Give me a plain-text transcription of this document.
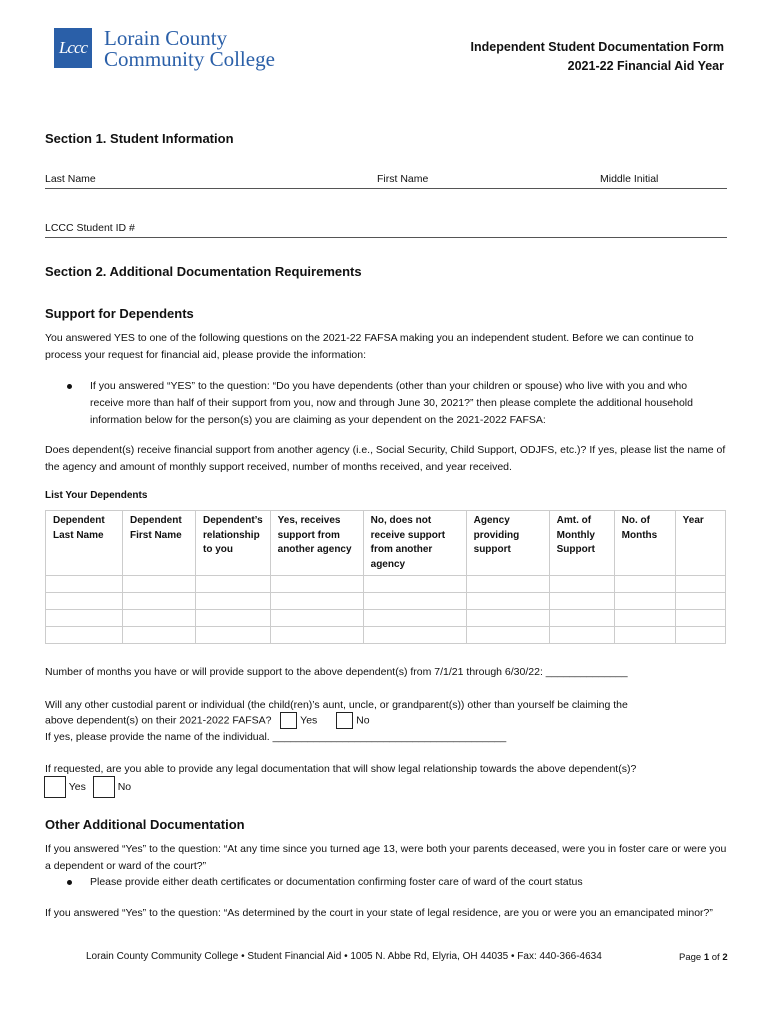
Lccc Lorain County
Community College	Independent Student Documentation Form
2021-22 Financial Aid Year
Section 1. Student Information
Last Name	First Name	Middle Initial
LCCC Student ID #
Section 2. Additional Documentation Requirements
Support for Dependents
You answered YES to one of the following questions on the 2021-22 FAFSA making you an independent student. Before we can continue to process your request for financial aid, please provide the information:
If you answered “YES” to the question: “Do you have dependents (other than your children or spouse) who live with you and who receive more than half of their support from you, now and through June 30, 2021?” then please complete the additional household information below for the person(s) you are claiming as your dependent on the 2021-2022 FAFSA:
Does dependent(s) receive financial support from another agency (i.e., Social Security, Child Support, ODJFS, etc.)? If yes, please list the name of the agency and amount of monthly support received, number of months received, and year received.
List Your Dependents
Dependent Last Name	Dependent First Name	Dependent’s relationship to you	Yes, receives support from another agency	No, does not receive support from another agency	Agency providing support	Amt. of Monthly Support	No. of Months	Year

Number of months you have or will provide support to the above dependent(s) from 7/1/21 through 6/30/22: ______________
Will any other custodial parent or individual (the child(ren)’s aunt, uncle, or grandparent(s)) other than yourself be claiming the
above dependent(s) on their 2021-2022 FAFSA?	Yes	No
If yes, please provide the name of the individual. ________________________________________
If requested, are you able to provide any legal documentation that will show legal relationship towards the above dependent(s)?
Yes	No
Other Additional Documentation
If you answered “Yes” to the question: “At any time since you turned age 13, were both your parents deceased, were you in foster care or were you a dependent or ward of the court?”
Please provide either death certificates or documentation confirming foster care of ward of the court status
If you answered “Yes” to the question: “As determined by the court in your state of legal residence, are you or were you an emancipated minor?”
Lorain County Community College • Student Financial Aid • 1005 N. Abbe Rd, Elyria, OH 44035 • Fax: 440-366-4634	Page 1 of 2
